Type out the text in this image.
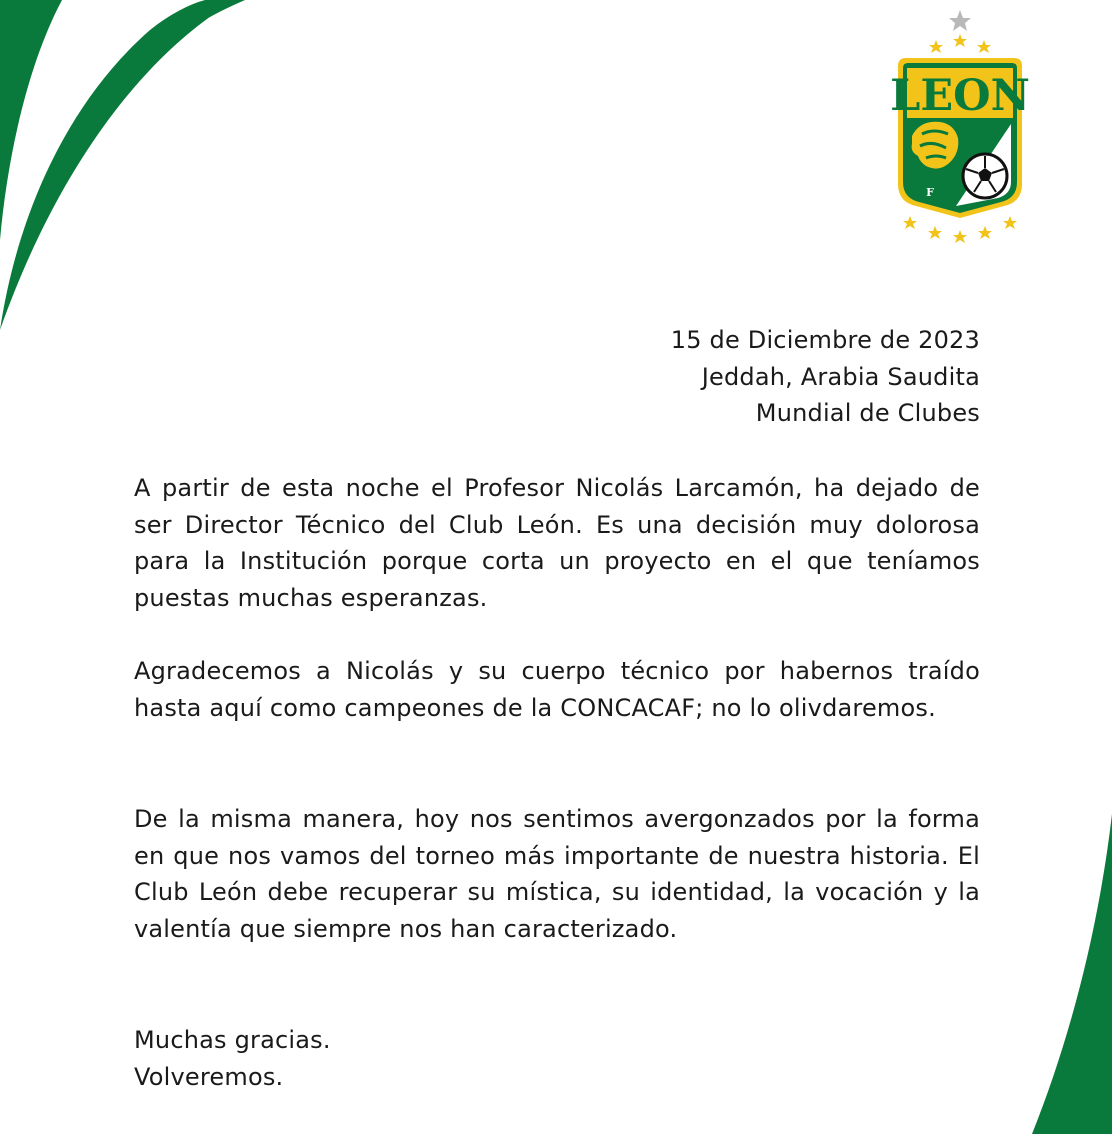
LEON
F
C
15 de Diciembre de 2023
Jeddah, Arabia Saudita
Mundial de Clubes

A partir de esta noche el Profesor Nicolás Larcamón, ha dejado de ser Director Técnico del Club León. Es una decisión muy dolorosa para la Institución porque corta un proyecto en el que teníamos puestas muchas esperanzas.

Agradecemos a Nicolás y su cuerpo técnico por habernos traído hasta aquí como campeones de la CONCACAF; no lo olivdaremos.

De la misma manera, hoy nos sentimos avergonzados por la forma en que nos vamos del torneo más importante de nuestra historia. El Club León debe recuperar su mística, su identidad, la vocación y la valentía que siempre nos han caracterizado.

Muchas gracias.
Volveremos.
